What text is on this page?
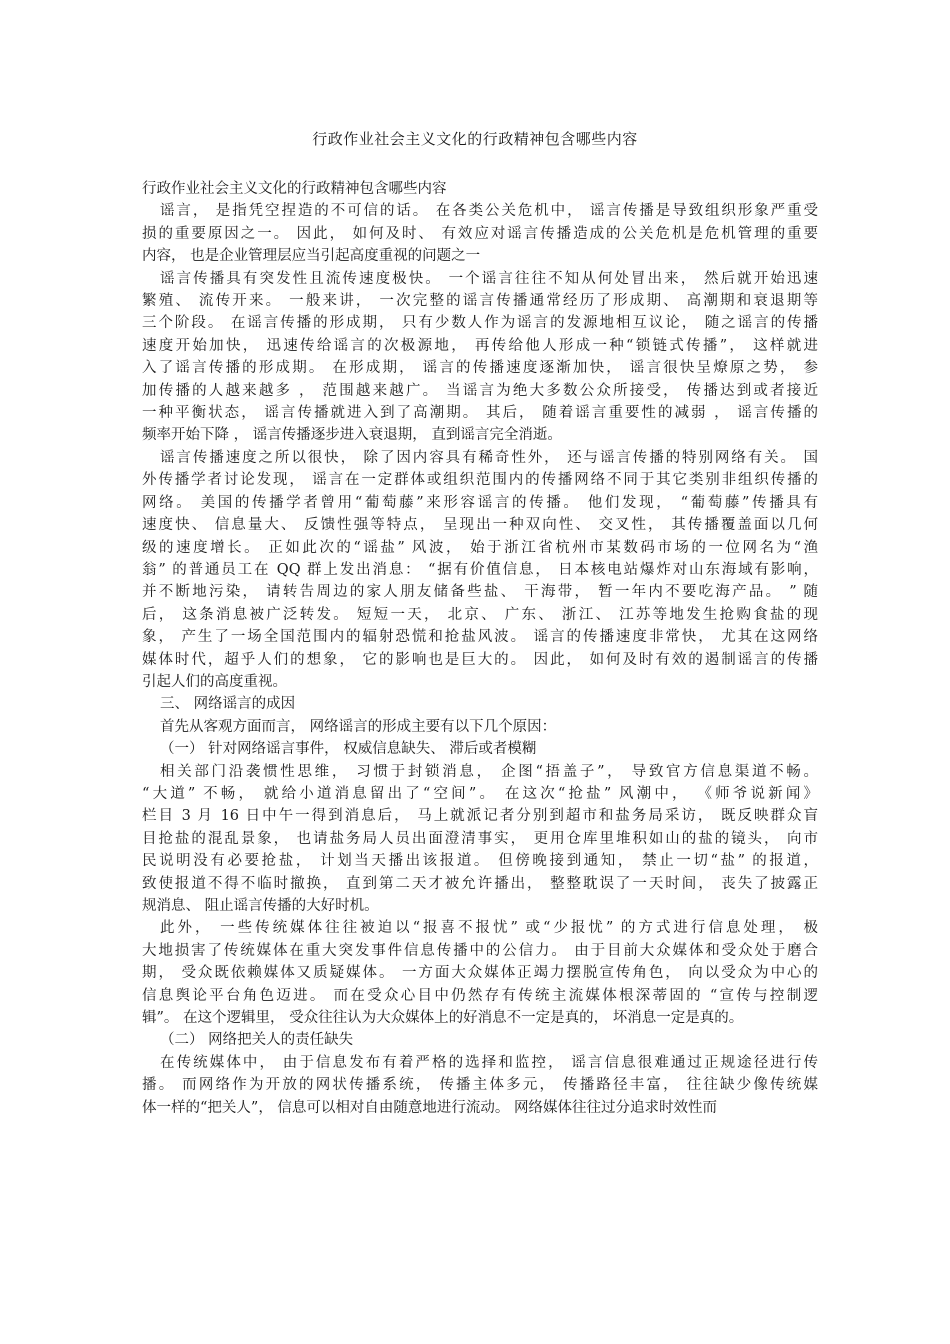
行政作业社会主义文化的行政精神包含哪些内容
行政作业社会主义文化的行政精神包含哪些内容
谣言， 是指凭空捏造的不可信的话。 在各类公关危机中， 谣言传播是导致组织形象严重受
损的重要原因之一。 因此， 如何及时、 有效应对谣言传播造成的公关危机是危机管理的重要
内容， 也是企业管理层应当引起高度重视的问题之一
谣言传播具有突发性且流传速度极快。 一个谣言往往不知从何处冒出来， 然后就开始迅速
繁殖、 流传开来。 一般来讲， 一次完整的谣言传播通常经历了形成期、 高潮期和衰退期等
三个阶段。 在谣言传播的形成期， 只有少数人作为谣言的发源地相互议论， 随之谣言的传播
速度开始加快， 迅速传给谣言的次极源地， 再传给他人形成一种“锁链式传播”， 这样就进
入了谣言传播的形成期。 在形成期， 谣言的传播速度逐渐加快， 谣言很快呈燎原之势， 参
加传播的人越来越多 ， 范围越来越广。 当谣言为绝大多数公众所接受， 传播达到或者接近
一种平衡状态， 谣言传播就进入到了高潮期。 其后， 随着谣言重要性的减弱 ， 谣言传播的
频率开始下降 ， 谣言传播逐步进入衰退期， 直到谣言完全消逝。
谣言传播速度之所以很快， 除了因内容具有稀奇性外， 还与谣言传播的特别网络有关。 国
外传播学者讨论发现， 谣言在一定群体或组织范围内的传播网络不同于其它类别非组织传播的
网络。 美国的传播学者曾用“葡萄藤”来形容谣言的传播。 他们发现， “葡萄藤”传播具有
速度快、 信息量大、 反馈性强等特点， 呈现出一种双向性、 交叉性， 其传播覆盖面以几何
级的速度增长。 正如此次的“谣盐” 风波， 始于浙江省杭州市某数码市场的一位网名为“渔
翁” 的普通员工在 QQ 群上发出消息： “据有价值信息， 日本核电站爆炸对山东海域有影响，
并不断地污染， 请转告周边的家人朋友储备些盐、 干海带， 暂一年内不要吃海产品。 ” 随
后， 这条消息被广泛转发。 短短一天， 北京、 广东、 浙江、 江苏等地发生抢购食盐的现
象， 产生了一场全国范围内的辐射恐慌和抢盐风波。 谣言的传播速度非常快， 尤其在这网络
媒体时代，超乎人们的想象， 它的影响也是巨大的。 因此， 如何及时有效的遏制谣言的传播
引起人们的高度重视。
三、 网络谣言的成因
首先从客观方面而言， 网络谣言的形成主要有以下几个原因：
（一） 针对网络谣言事件， 权威信息缺失、 滞后或者模糊
相关部门沿袭惯性思维， 习惯于封锁消息， 企图“捂盖子”， 导致官方信息渠道不畅。
“大道” 不畅， 就给小道消息留出了“空间”。 在这次“抢盐” 风潮中， 《师爷说新闻》
栏目 3 月 16 日中午一得到消息后， 马上就派记者分别到超市和盐务局采访， 既反映群众盲
目抢盐的混乱景象， 也请盐务局人员出面澄清事实， 更用仓库里堆积如山的盐的镜头， 向市
民说明没有必要抢盐， 计划当天播出该报道。 但傍晚接到通知， 禁止一切“盐” 的报道，
致使报道不得不临时撤换， 直到第二天才被允许播出， 整整耽误了一天时间， 丧失了披露正
规消息、 阻止谣言传播的大好时机。
此外， 一些传统媒体往往被迫以“报喜不报忧” 或“少报忧” 的方式进行信息处理， 极
大地损害了传统媒体在重大突发事件信息传播中的公信力。 由于目前大众媒体和受众处于磨合
期， 受众既依赖媒体又质疑媒体。 一方面大众媒体正竭力摆脱宣传角色， 向以受众为中心的
信息舆论平台角色迈进。 而在受众心目中仍然存有传统主流媒体根深蒂固的 “宣传与控制逻
辑”。 在这个逻辑里， 受众往往认为大众媒体上的好消息不一定是真的， 坏消息一定是真的。
（二） 网络把关人的责任缺失
在传统媒体中， 由于信息发布有着严格的选择和监控， 谣言信息很难通过正规途径进行传
播。 而网络作为开放的网状传播系统， 传播主体多元， 传播路径丰富， 往往缺少像传统媒
体一样的“把关人”， 信息可以相对自由随意地进行流动。 网络媒体往往过分追求时效性而
